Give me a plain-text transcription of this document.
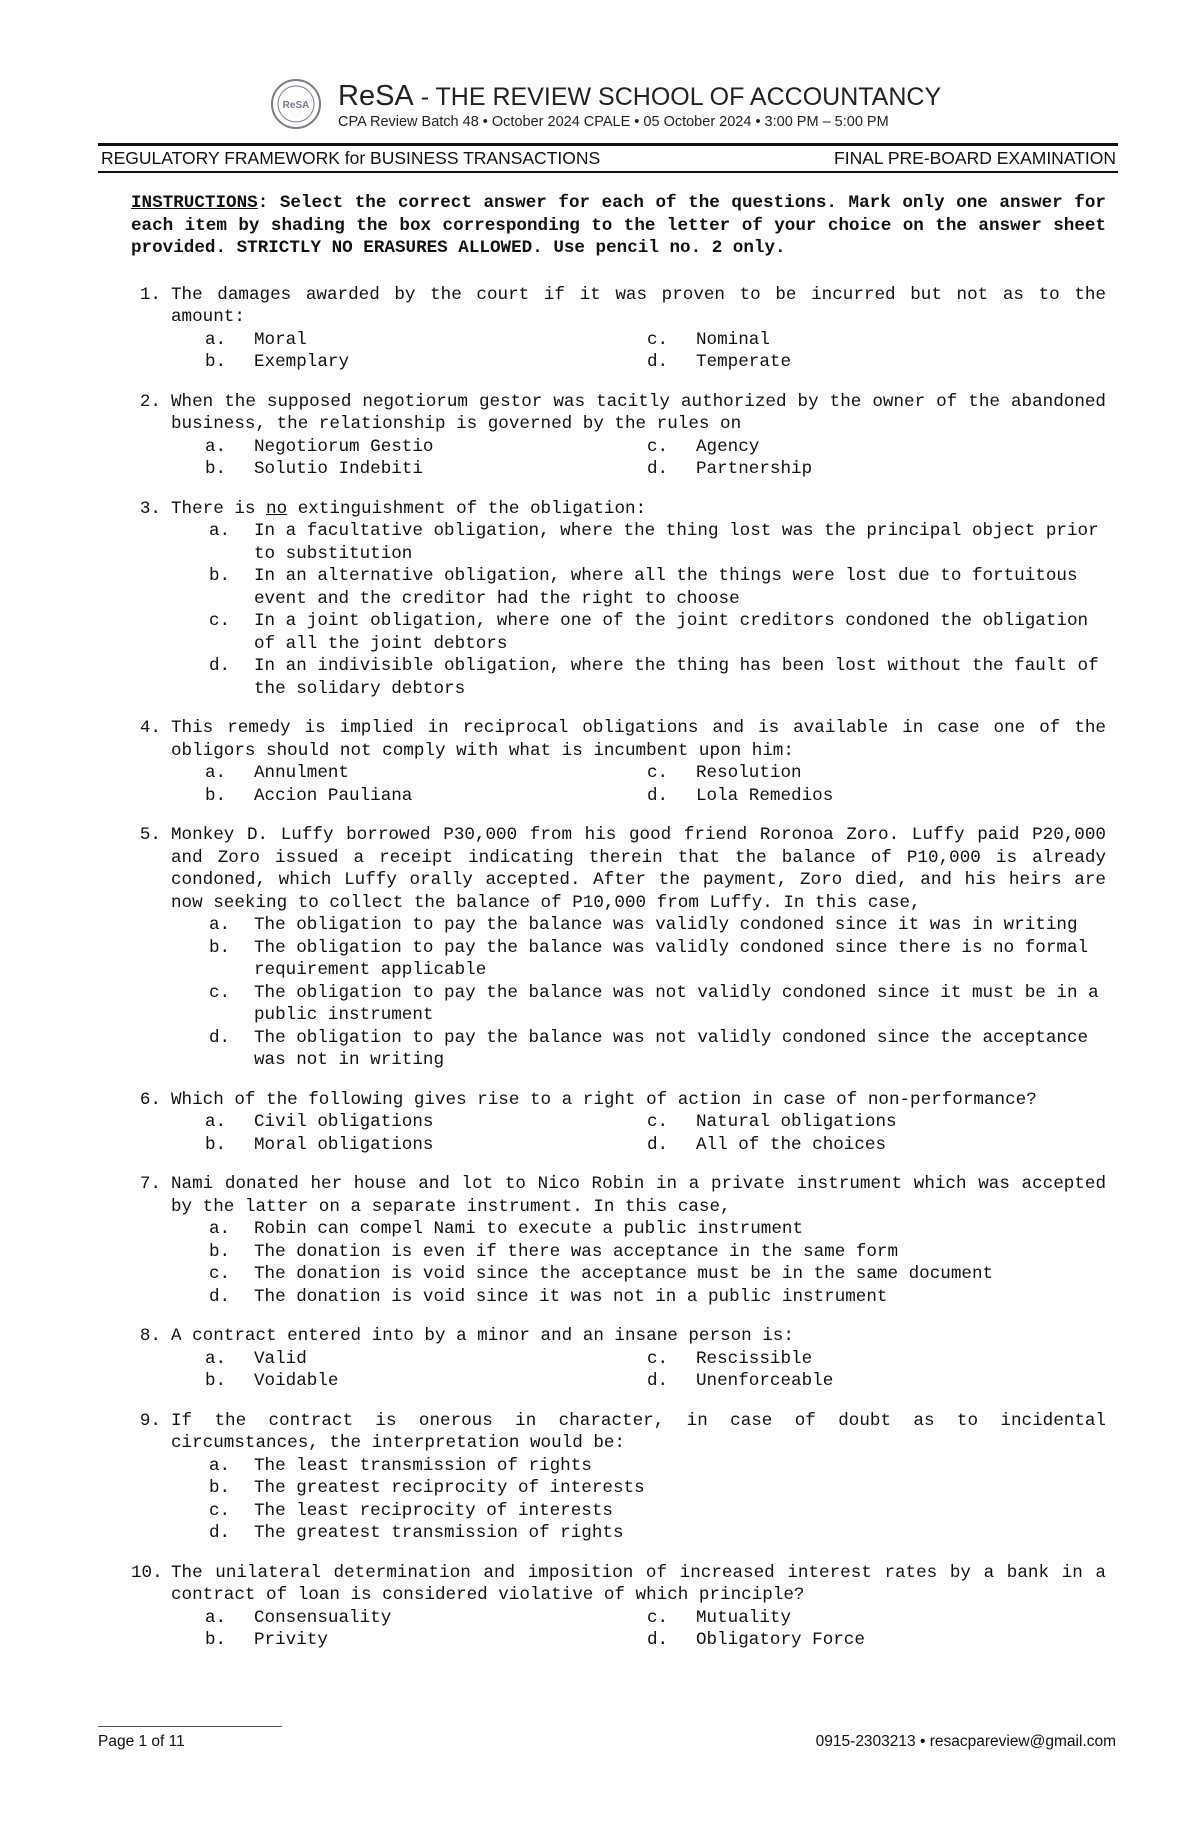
ReSA ReSA - THE REVIEW SCHOOL OF ACCOUNTANCY
CPA Review Batch 48 • October 2024 CPALE • 05 October 2024 • 3:00 PM – 5:00 PM
REGULATORY FRAMEWORK for BUSINESS TRANSACTIONS	FINAL PRE-BOARD EXAMINATION
INSTRUCTIONS: Select the correct answer for each of the questions. Mark only one answer for each item by shading the box corresponding to the letter of your choice on the answer sheet provided. STRICTLY NO ERASURES ALLOWED. Use pencil no. 2 only.
1. The damages awarded by the court if it was proven to be incurred but not as to the amount:
a.	Moral	c.	Nominal
b.	Exemplary	d.	Temperate
2. When the supposed negotiorum gestor was tacitly authorized by the owner of the abandoned business, the relationship is governed by the rules on
a.	Negotiorum Gestio	c.	Agency
b.	Solutio Indebiti	d.	Partnership
3. There is no extinguishment of the obligation:
a.	In a facultative obligation, where the thing lost was the principal object prior to substitution
b.	In an alternative obligation, where all the things were lost due to fortuitous event and the creditor had the right to choose
c.	In a joint obligation, where one of the joint creditors condoned the obligation of all the joint debtors
d.	In an indivisible obligation, where the thing has been lost without the fault of the solidary debtors
4. This remedy is implied in reciprocal obligations and is available in case one of the obligors should not comply with what is incumbent upon him:
a.	Annulment	c.	Resolution
b.	Accion Pauliana	d.	Lola Remedios
5. Monkey D. Luffy borrowed P30,000 from his good friend Roronoa Zoro. Luffy paid P20,000 and Zoro issued a receipt indicating therein that the balance of P10,000 is already condoned, which Luffy orally accepted. After the payment, Zoro died, and his heirs are now seeking to collect the balance of P10,000 from Luffy. In this case,
a.	The obligation to pay the balance was validly condoned since it was in writing
b.	The obligation to pay the balance was validly condoned since there is no formal requirement applicable
c.	The obligation to pay the balance was not validly condoned since it must be in a public instrument
d.	The obligation to pay the balance was not validly condoned since the acceptance was not in writing
6. Which of the following gives rise to a right of action in case of non-performance?
a.	Civil obligations	c.	Natural obligations
b.	Moral obligations	d.	All of the choices
7. Nami donated her house and lot to Nico Robin in a private instrument which was accepted by the latter on a separate instrument. In this case,
a.	Robin can compel Nami to execute a public instrument
b.	The donation is even if there was acceptance in the same form
c.	The donation is void since the acceptance must be in the same document
d.	The donation is void since it was not in a public instrument
8. A contract entered into by a minor and an insane person is:
a.	Valid	c.	Rescissible
b.	Voidable	d.	Unenforceable
9. If the contract is onerous in character, in case of doubt as to incidental circumstances, the interpretation would be:
a.	The least transmission of rights
b.	The greatest reciprocity of interests
c.	The least reciprocity of interests
d.	The greatest transmission of rights
10. The unilateral determination and imposition of increased interest rates by a bank in a contract of loan is considered violative of which principle?
a.	Consensuality	c.	Mutuality
b.	Privity	d.	Obligatory Force
Page 1 of 11	0915-2303213 • resacpareview@gmail.com
